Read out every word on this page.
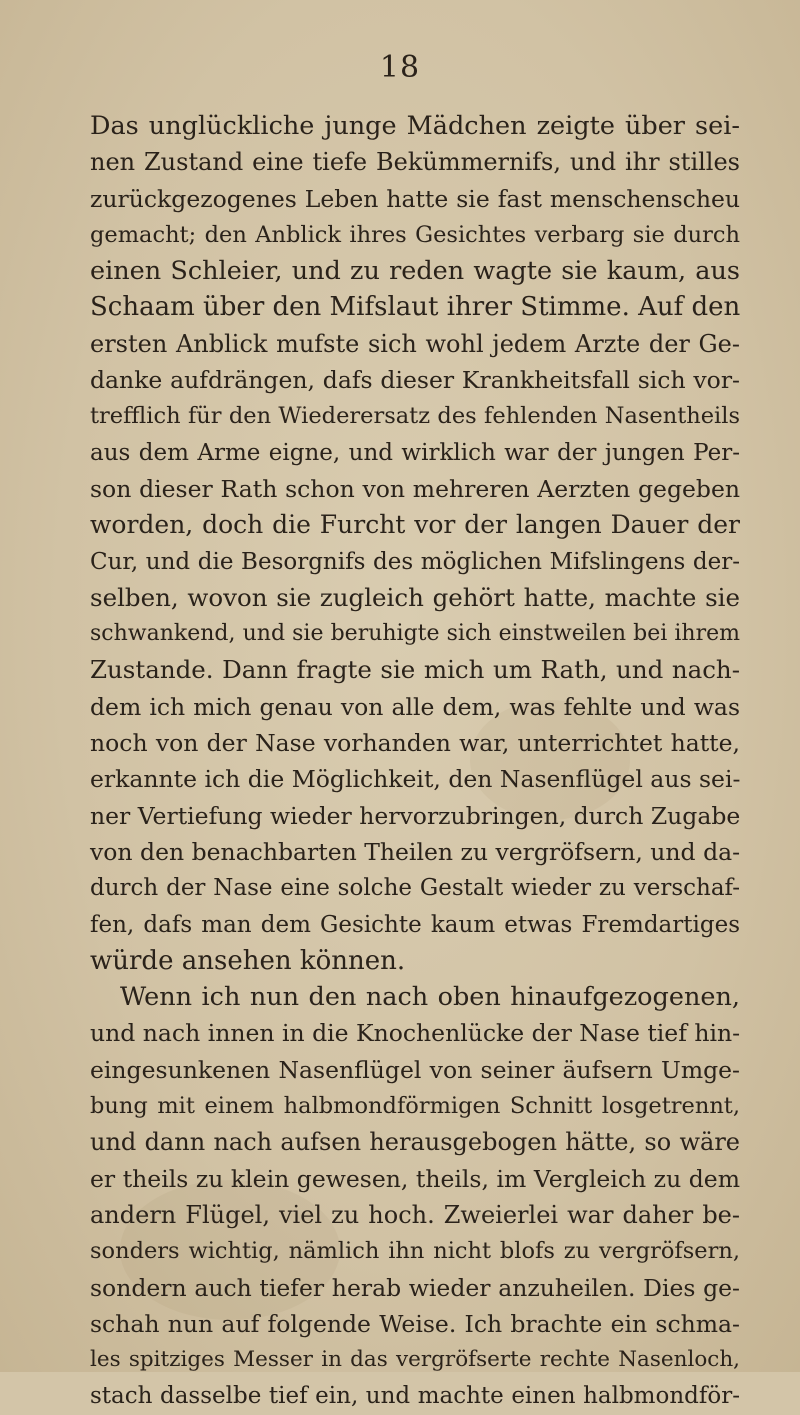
18
Das unglückliche junge Mädchen zeigte über sei-
nen Zustand eine tiefe Bekümmernifs, und ihr stilles
zurückgezogenes Leben hatte sie fast menschenscheu
gemacht; den Anblick ihres Gesichtes verbarg sie durch
einen Schleier, und zu reden wagte sie kaum, aus
Schaam über den Mifslaut ihrer Stimme. Auf den
ersten Anblick mufste sich wohl jedem Arzte der Ge-
danke aufdrängen, dafs dieser Krankheitsfall sich vor-
trefflich für den Wiederersatz des fehlenden Nasentheils
aus dem Arme eigne, und wirklich war der jungen Per-
son dieser Rath schon von mehreren Aerzten gegeben
worden, doch die Furcht vor der langen Dauer der
Cur, und die Besorgnifs des möglichen Mifslingens der-
selben, wovon sie zugleich gehört hatte, machte sie
schwankend, und sie beruhigte sich einstweilen bei ihrem
Zustande. Dann fragte sie mich um Rath, und nach-
dem ich mich genau von alle dem, was fehlte und was
noch von der Nase vorhanden war, unterrichtet hatte,
erkannte ich die Möglichkeit, den Nasenflügel aus sei-
ner Vertiefung wieder hervorzubringen, durch Zugabe
von den benachbarten Theilen zu vergröfsern, und da-
durch der Nase eine solche Gestalt wieder zu verschaf-
fen, dafs man dem Gesichte kaum etwas Fremdartiges
würde ansehen können.
Wenn ich nun den nach oben hinaufgezogenen,
und nach innen in die Knochenlücke der Nase tief hin-
eingesunkenen Nasenflügel von seiner äufsern Umge-
bung mit einem halbmondförmigen Schnitt losgetrennt,
und dann nach aufsen herausgebogen hätte, so wäre
er theils zu klein gewesen, theils, im Vergleich zu dem
andern Flügel, viel zu hoch. Zweierlei war daher be-
sonders wichtig, nämlich ihn nicht blofs zu vergröfsern,
sondern auch tiefer herab wieder anzuheilen. Dies ge-
schah nun auf folgende Weise. Ich brachte ein schma-
les spitziges Messer in das vergröfserte rechte Nasenloch,
stach dasselbe tief ein, und machte einen halbmondför-
